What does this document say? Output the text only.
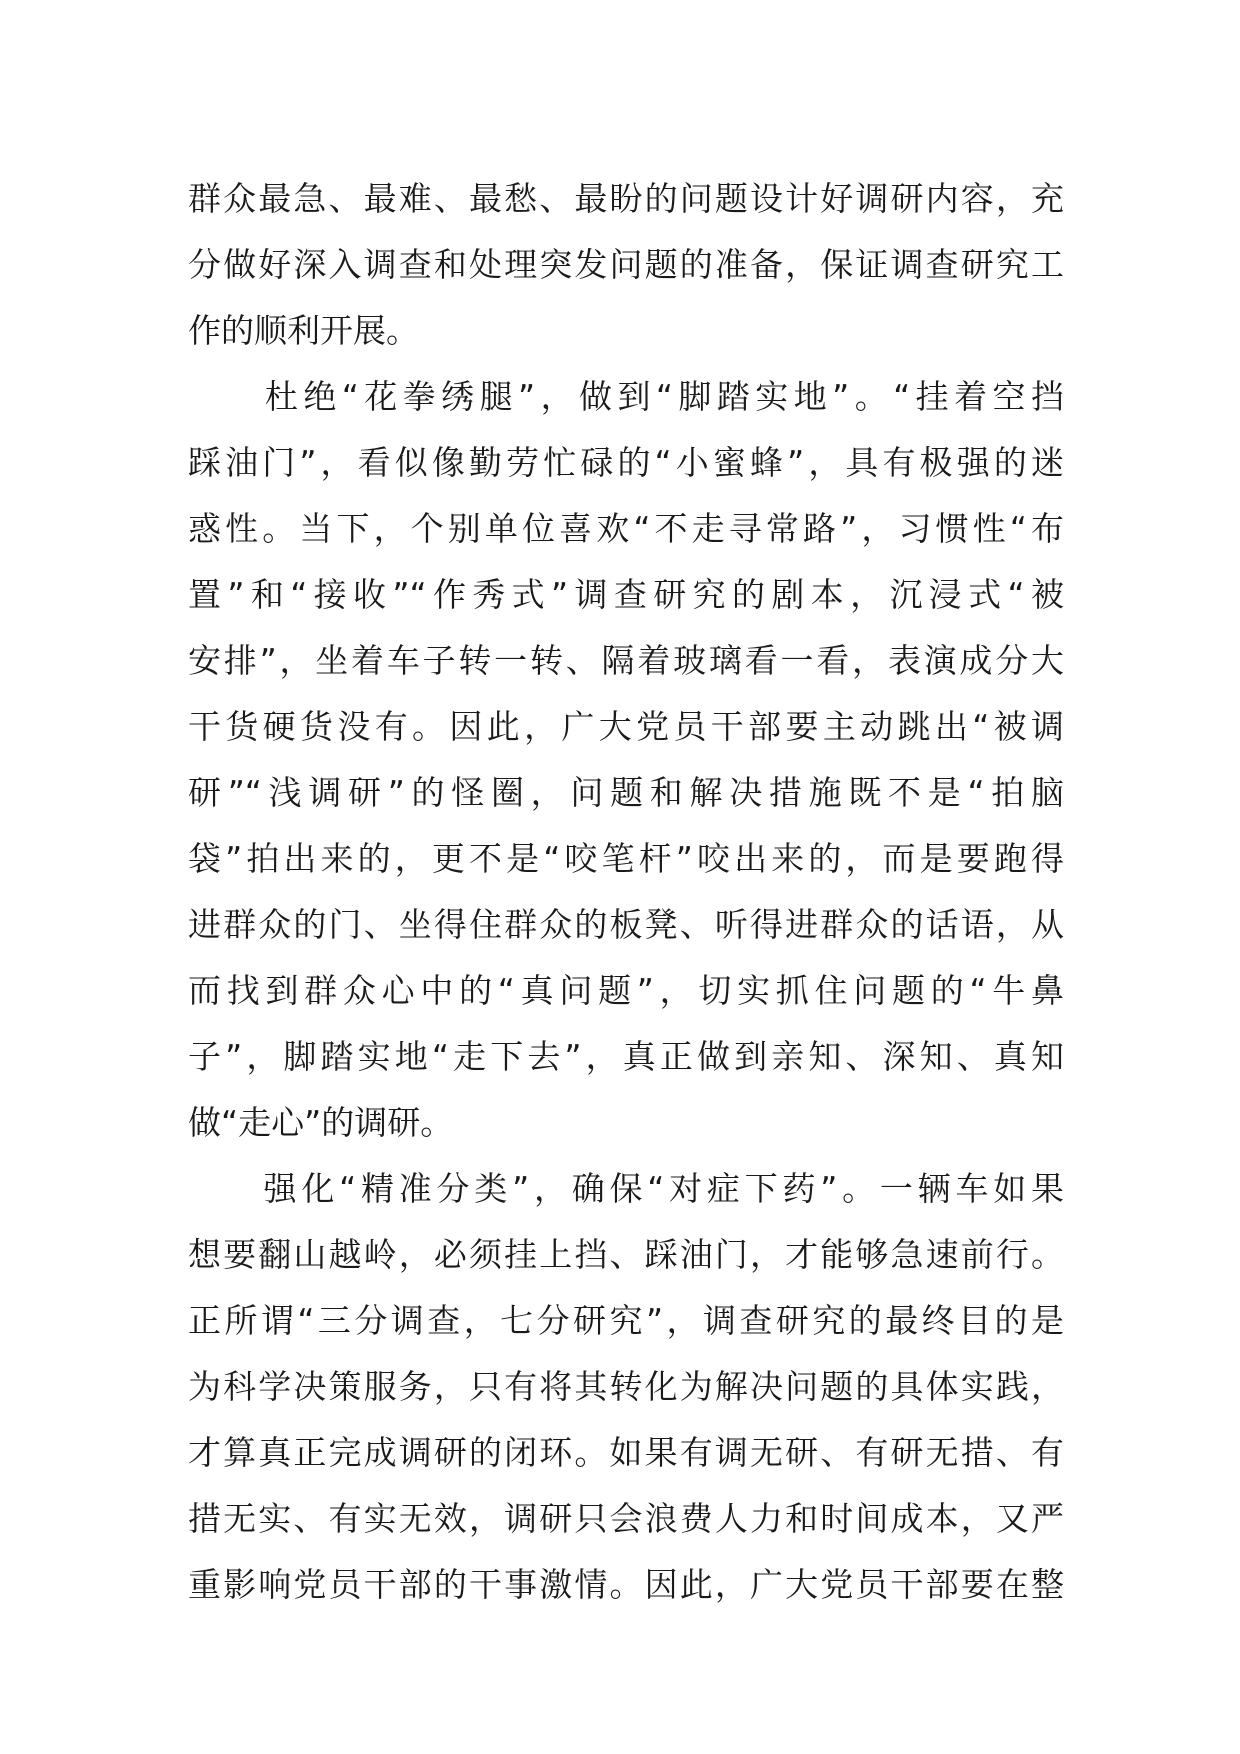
群众最急、最难、最愁、最盼的问题设计好调研内容，充
分做好深入调查和处理突发问题的准备，保证调查研究工
作的顺利开展。
　　杜绝“花拳绣腿”，做到“脚踏实地”。“挂着空挡
踩油门”，看似像勤劳忙碌的“小蜜蜂”，具有极强的迷
惑性。当下，个别单位喜欢“不走寻常路”，习惯性“布
置”和“接收”“作秀式”调查研究的剧本，沉浸式“被
安排”，坐着车子转一转、隔着玻璃看一看，表演成分大
干货硬货没有。因此，广大党员干部要主动跳出“被调
研”“浅调研”的怪圈，问题和解决措施既不是“拍脑
袋”拍出来的，更不是“咬笔杆”咬出来的，而是要跑得
进群众的门、坐得住群众的板凳、听得进群众的话语，从
而找到群众心中的“真问题”，切实抓住问题的“牛鼻
子”，脚踏实地“走下去”，真正做到亲知、深知、真知
做“走心”的调研。
　　强化“精准分类”，确保“对症下药”。一辆车如果
想要翻山越岭，必须挂上挡、踩油门，才能够急速前行。
正所谓“三分调查，七分研究”，调查研究的最终目的是
为科学决策服务，只有将其转化为解决问题的具体实践，
才算真正完成调研的闭环。如果有调无研、有研无措、有
措无实、有实无效，调研只会浪费人力和时间成本，又严
重影响党员干部的干事激情。因此，广大党员干部要在整
